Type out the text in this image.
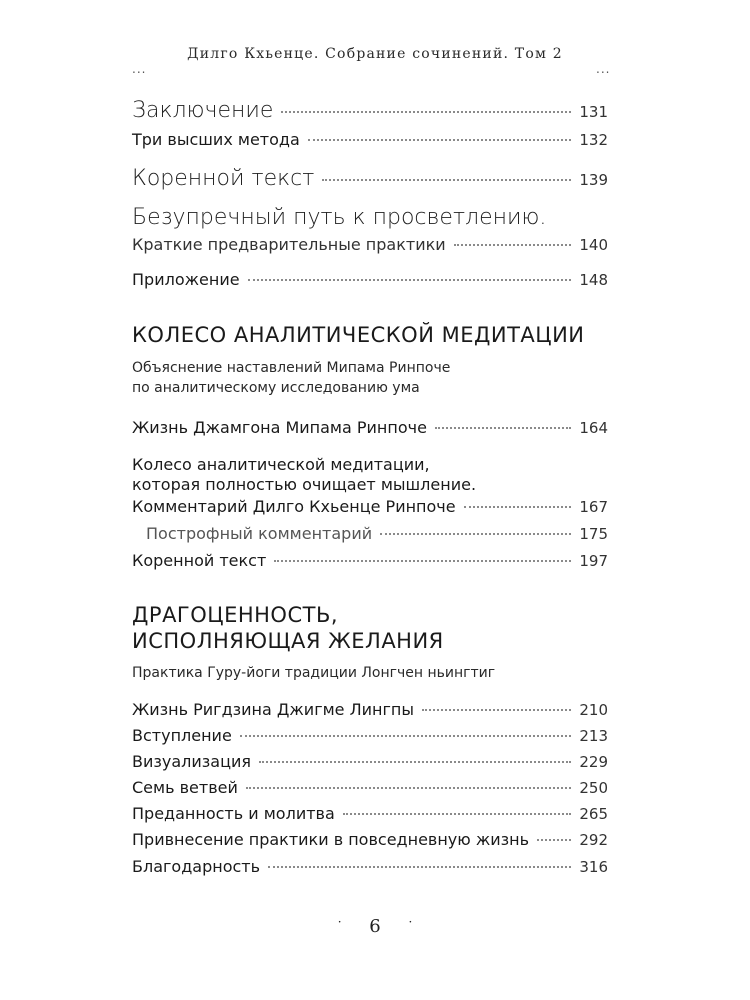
Дилго Кхьенце. Собрание сочинений. Том 2
...	...
Заключение	131
Три высших метода	132
Коренной текст	139
Безупречный путь к просветлению.
Краткие предварительные практики	140
Приложение	148
КОЛЕСО АНАЛИТИЧЕСКОЙ МЕДИТАЦИИ
Объяснение наставлений Мипама Ринпоче
по аналитическому исследованию ума
Жизнь Джамгона Мипама Ринпоче	164
Колесо аналитической медитации,
которая полностью очищает мышление.
Комментарий Дилго Кхьенце Ринпоче	167
Построфный комментарий	175
Коренной текст	197
ДРАГОЦЕННОСТЬ,
ИСПОЛНЯЮЩАЯ ЖЕЛАНИЯ
Практика Гуру-йоги традиции Лонгчен ньингтиг
Жизнь Ригдзина Джигме Лингпы	210
Вступление	213
Визуализация	229
Семь ветвей	250
Преданность и молитва	265
Привнесение практики в повседневную жизнь	292
Благодарность	316
· 6 ·
